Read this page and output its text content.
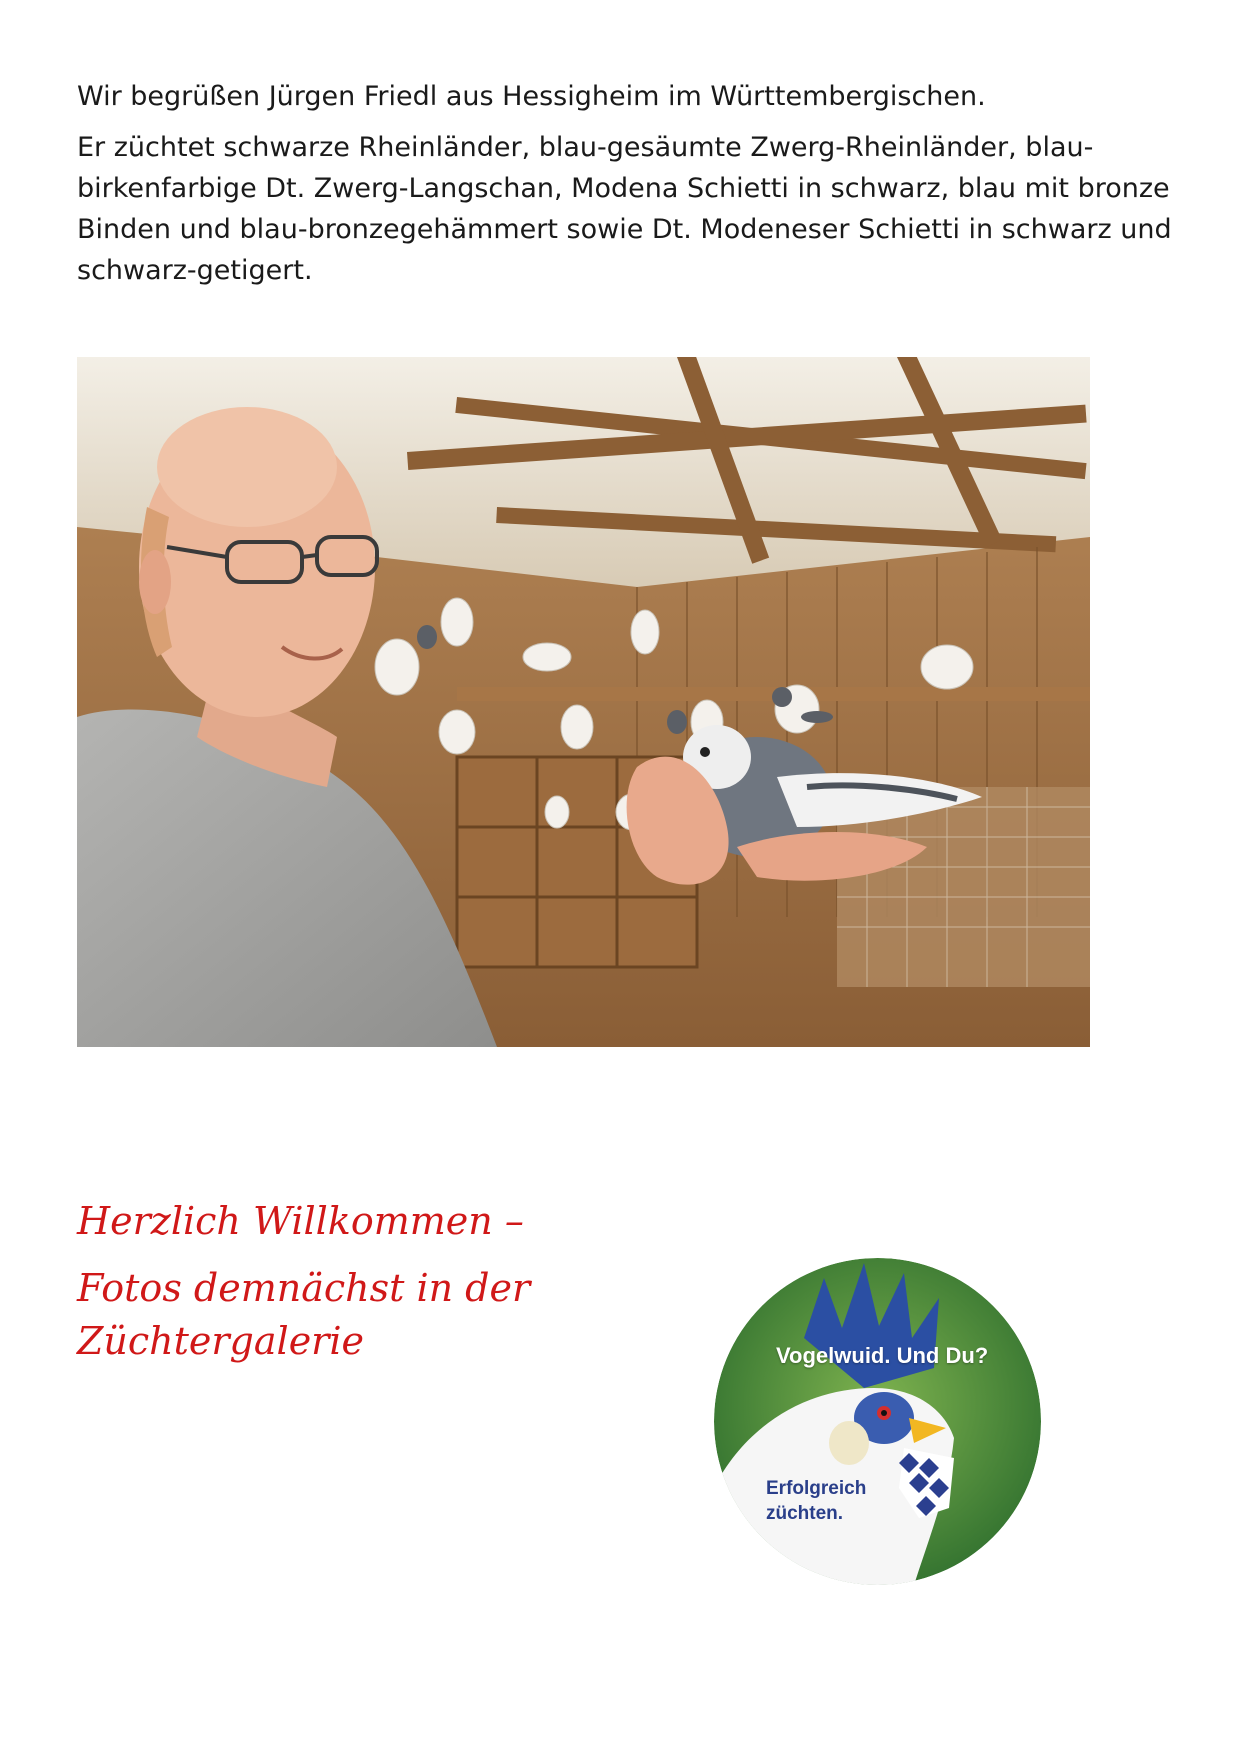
Wir begrüßen Jürgen Friedl aus Hessigheim im Württembergischen.

Er züchtet schwarze Rheinländer, blau-gesäumte Zwerg-Rheinländer, blau-birkenfarbige Dt. Zwerg-Langschan, Modena Schietti in schwarz, blau mit bronze Binden und blau-bronzegehämmert sowie Dt. Modeneser Schietti in schwarz und schwarz-getigert.

Herzlich Willkommen –
Fotos demnächst in der Züchtergalerie	Vogelwuid. Und Du?
Erfolgreich
züchten.
